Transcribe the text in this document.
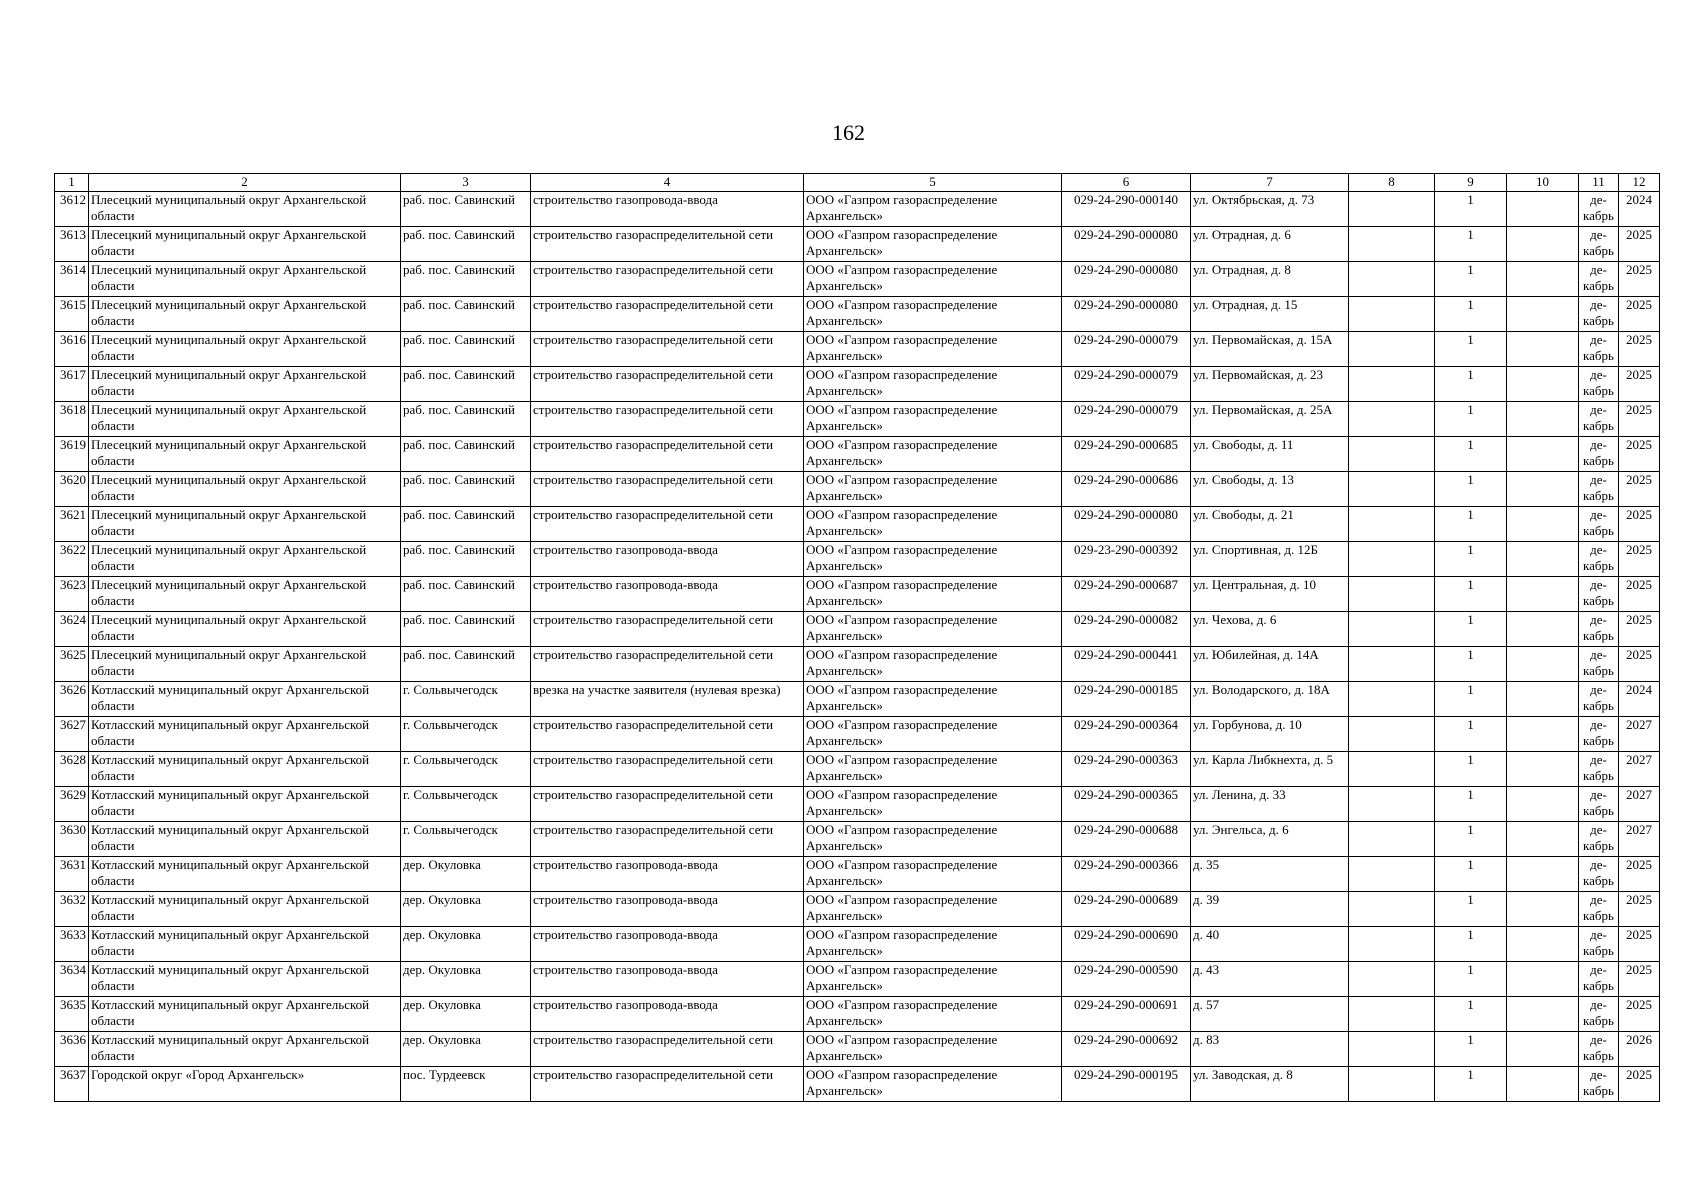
162
1	2	3	4	5	6	7	8	9	10	11	12
3612	Плесецкий муниципальный округ Архангельской области	раб. пос. Савинский	строительство газопровода-ввода	ООО «Газпром газораспределение Архангельск»	029-24-290-000140	ул. Октябрьская, д. 73		1		де-кабрь	2024
3613	Плесецкий муниципальный округ Архангельской области	раб. пос. Савинский	строительство газораспределительной сети	ООО «Газпром газораспределение Архангельск»	029-24-290-000080	ул. Отрадная, д. 6		1		де-кабрь	2025
3614	Плесецкий муниципальный округ Архангельской области	раб. пос. Савинский	строительство газораспределительной сети	ООО «Газпром газораспределение Архангельск»	029-24-290-000080	ул. Отрадная, д. 8		1		де-кабрь	2025
3615	Плесецкий муниципальный округ Архангельской области	раб. пос. Савинский	строительство газораспределительной сети	ООО «Газпром газораспределение Архангельск»	029-24-290-000080	ул. Отрадная, д. 15		1		де-кабрь	2025
3616	Плесецкий муниципальный округ Архангельской области	раб. пос. Савинский	строительство газораспределительной сети	ООО «Газпром газораспределение Архангельск»	029-24-290-000079	ул. Первомайская, д. 15А		1		де-кабрь	2025
3617	Плесецкий муниципальный округ Архангельской области	раб. пос. Савинский	строительство газораспределительной сети	ООО «Газпром газораспределение Архангельск»	029-24-290-000079	ул. Первомайская, д. 23		1		де-кабрь	2025
3618	Плесецкий муниципальный округ Архангельской области	раб. пос. Савинский	строительство газораспределительной сети	ООО «Газпром газораспределение Архангельск»	029-24-290-000079	ул. Первомайская, д. 25А		1		де-кабрь	2025
3619	Плесецкий муниципальный округ Архангельской области	раб. пос. Савинский	строительство газораспределительной сети	ООО «Газпром газораспределение Архангельск»	029-24-290-000685	ул. Свободы, д. 11		1		де-кабрь	2025
3620	Плесецкий муниципальный округ Архангельской области	раб. пос. Савинский	строительство газораспределительной сети	ООО «Газпром газораспределение Архангельск»	029-24-290-000686	ул. Свободы, д. 13		1		де-кабрь	2025
3621	Плесецкий муниципальный округ Архангельской области	раб. пос. Савинский	строительство газораспределительной сети	ООО «Газпром газораспределение Архангельск»	029-24-290-000080	ул. Свободы, д. 21		1		де-кабрь	2025
3622	Плесецкий муниципальный округ Архангельской области	раб. пос. Савинский	строительство газопровода-ввода	ООО «Газпром газораспределение Архангельск»	029-23-290-000392	ул. Спортивная, д. 12Б		1		де-кабрь	2025
3623	Плесецкий муниципальный округ Архангельской области	раб. пос. Савинский	строительство газопровода-ввода	ООО «Газпром газораспределение Архангельск»	029-24-290-000687	ул. Центральная, д. 10		1		де-кабрь	2025
3624	Плесецкий муниципальный округ Архангельской области	раб. пос. Савинский	строительство газораспределительной сети	ООО «Газпром газораспределение Архангельск»	029-24-290-000082	ул. Чехова, д. 6		1		де-кабрь	2025
3625	Плесецкий муниципальный округ Архангельской области	раб. пос. Савинский	строительство газораспределительной сети	ООО «Газпром газораспределение Архангельск»	029-24-290-000441	ул. Юбилейная, д. 14А		1		де-кабрь	2025
3626	Котласский муниципальный округ Архангельской области	г. Сольвычегодск	врезка на участке заявителя (нулевая врезка)	ООО «Газпром газораспределение Архангельск»	029-24-290-000185	ул. Володарского, д. 18А		1		де-кабрь	2024
3627	Котласский муниципальный округ Архангельской области	г. Сольвычегодск	строительство газораспределительной сети	ООО «Газпром газораспределение Архангельск»	029-24-290-000364	ул. Горбунова, д. 10		1		де-кабрь	2027
3628	Котласский муниципальный округ Архангельской области	г. Сольвычегодск	строительство газораспределительной сети	ООО «Газпром газораспределение Архангельск»	029-24-290-000363	ул. Карла Либкнехта, д. 5		1		де-кабрь	2027
3629	Котласский муниципальный округ Архангельской области	г. Сольвычегодск	строительство газораспределительной сети	ООО «Газпром газораспределение Архангельск»	029-24-290-000365	ул. Ленина, д. 33		1		де-кабрь	2027
3630	Котласский муниципальный округ Архангельской области	г. Сольвычегодск	строительство газораспределительной сети	ООО «Газпром газораспределение Архангельск»	029-24-290-000688	ул. Энгельса, д. 6		1		де-кабрь	2027
3631	Котласский муниципальный округ Архангельской области	дер. Окуловка	строительство газопровода-ввода	ООО «Газпром газораспределение Архангельск»	029-24-290-000366	д. 35		1		де-кабрь	2025
3632	Котласский муниципальный округ Архангельской области	дер. Окуловка	строительство газопровода-ввода	ООО «Газпром газораспределение Архангельск»	029-24-290-000689	д. 39		1		де-кабрь	2025
3633	Котласский муниципальный округ Архангельской области	дер. Окуловка	строительство газопровода-ввода	ООО «Газпром газораспределение Архангельск»	029-24-290-000690	д. 40		1		де-кабрь	2025
3634	Котласский муниципальный округ Архангельской области	дер. Окуловка	строительство газопровода-ввода	ООО «Газпром газораспределение Архангельск»	029-24-290-000590	д. 43		1		де-кабрь	2025
3635	Котласский муниципальный округ Архангельской области	дер. Окуловка	строительство газопровода-ввода	ООО «Газпром газораспределение Архангельск»	029-24-290-000691	д. 57		1		де-кабрь	2025
3636	Котласский муниципальный округ Архангельской области	дер. Окуловка	строительство газораспределительной сети	ООО «Газпром газораспределение Архангельск»	029-24-290-000692	д. 83		1		де-кабрь	2026
3637	Городской округ «Город Архангельск»	пос. Турдеевск	строительство газораспределительной сети	ООО «Газпром газораспределение Архангельск»	029-24-290-000195	ул. Заводская, д. 8		1		де-кабрь	2025
